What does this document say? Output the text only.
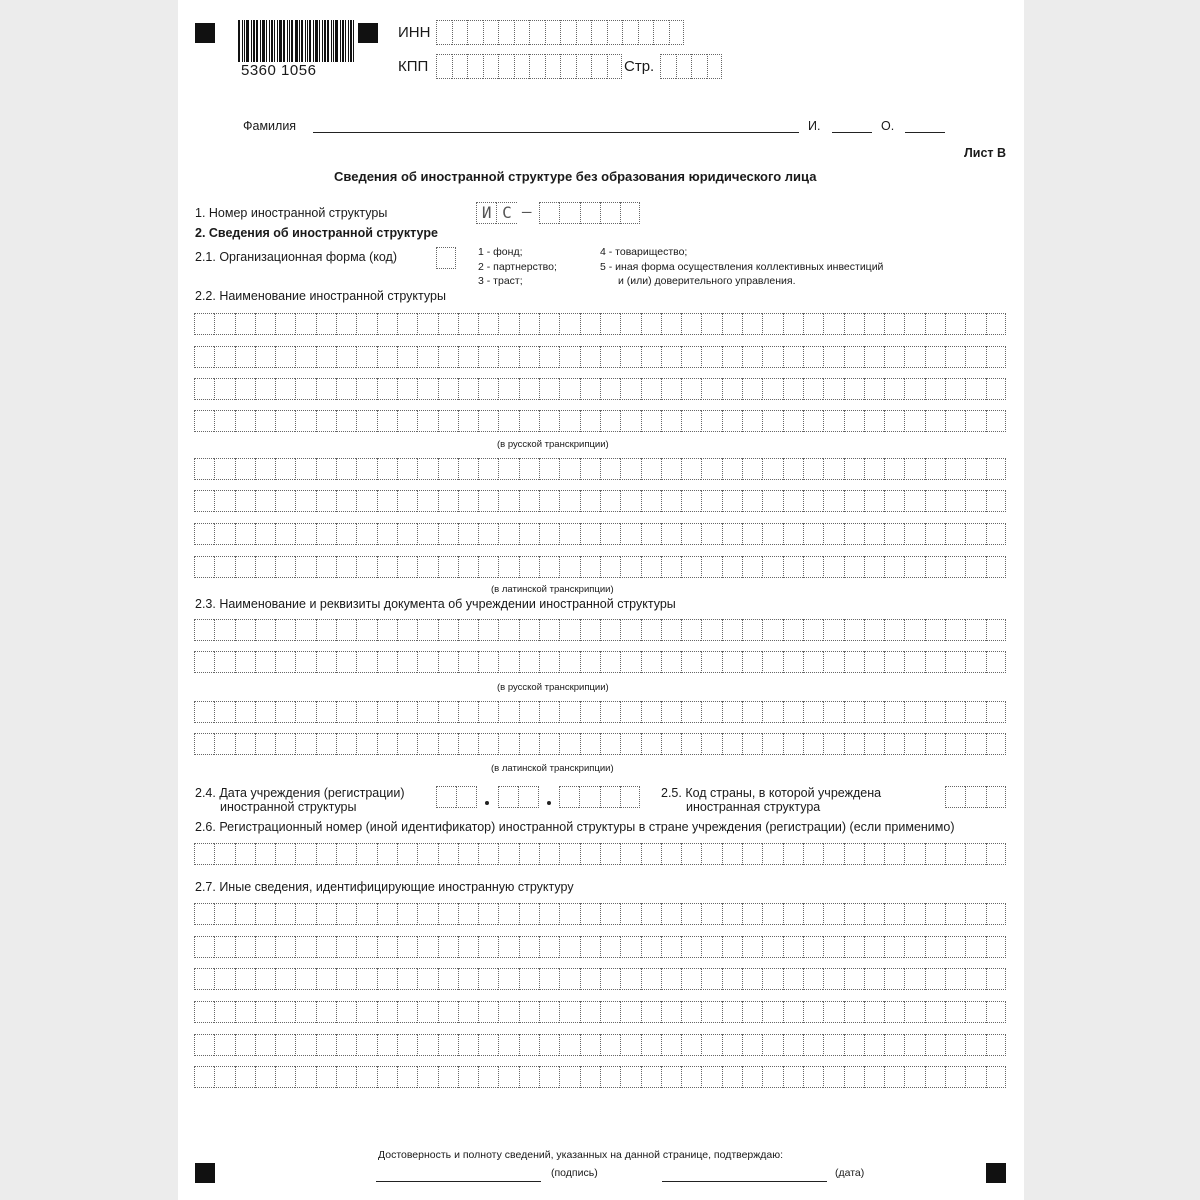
5360 1056
ИНН
КПП	Стр.
Фамилия	И.	О.
Лист В
Сведения об иностранной структуре без образования юридического лица
1. Номер иностранной структуры	И С –
2. Сведения об иностранной структуре
2.1. Организационная форма (код)	1 - фонд;
2 - партнерство;
3 - траст;
4 - товарищество;
5 - иная форма осуществления коллективных инвестиций
и (или) доверительного управления.
2.2. Наименование иностранной структуры
(в русской транскрипции)
(в латинской транскрипции)
2.3. Наименование и реквизиты документа об учреждении иностранной структуры
(в русской транскрипции)
(в латинской транскрипции)
2.4. Дата учреждения (регистрации)
иностранной структуры
2.5. Код страны, в которой учреждена
иностранная структура
2.6. Регистрационный номер (иной идентификатор) иностранной структуры в стране учреждения (регистрации) (если применимо)
2.7. Иные сведения, идентифицирующие иностранную структуру
Достоверность и полноту сведений, указанных на данной странице, подтверждаю:
(подпись)	(дата)
